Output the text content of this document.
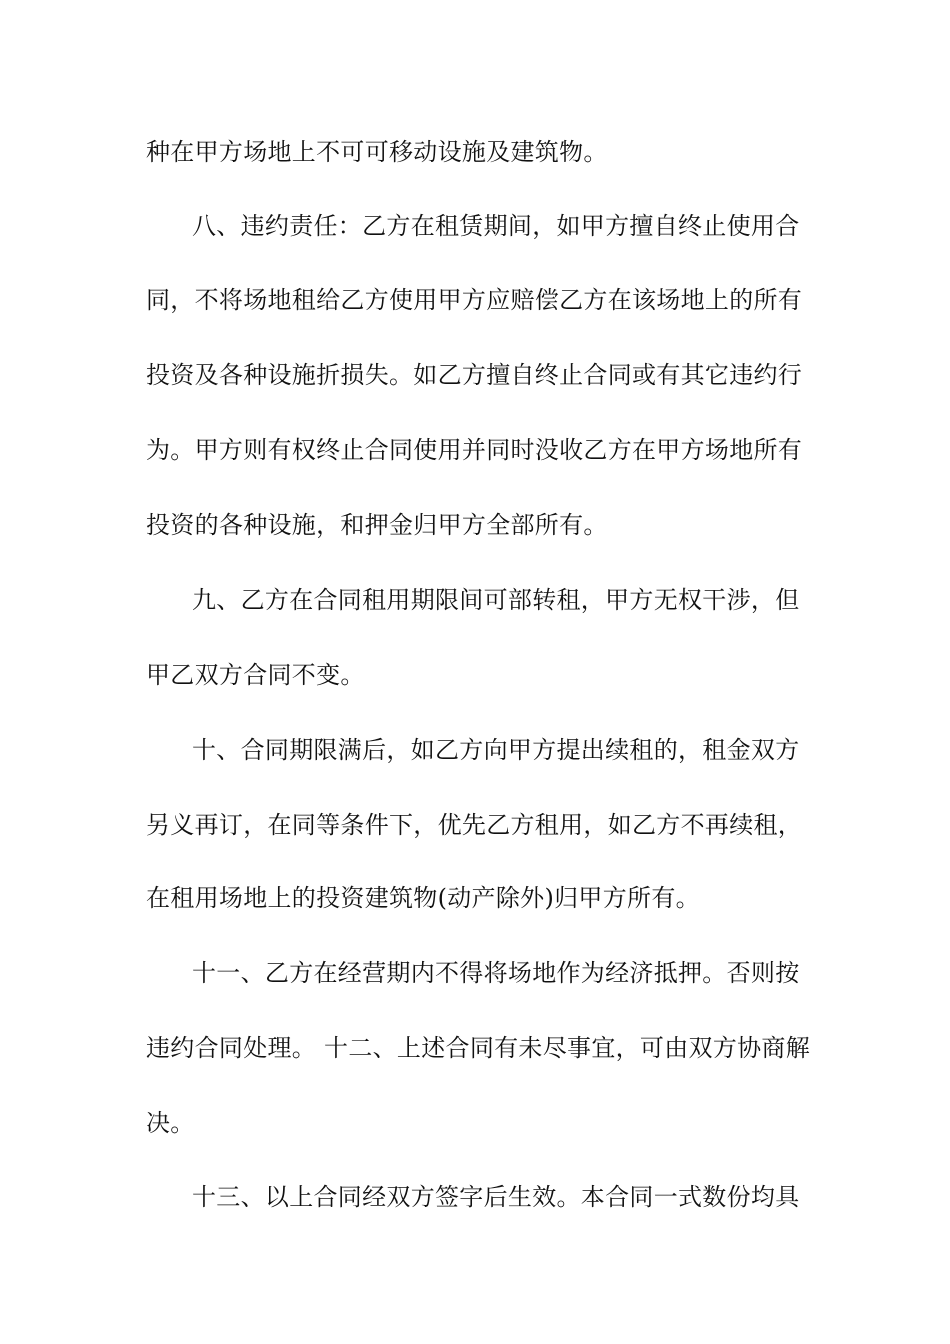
种在甲方场地上不可可移动设施及建筑物。
八、违约责任：乙方在租赁期间，如甲方擅自终止使用合
同，不将场地租给乙方使用甲方应赔偿乙方在该场地上的所有
投资及各种设施折损失。如乙方擅自终止合同或有其它违约行
为。甲方则有权终止合同使用并同时没收乙方在甲方场地所有
投资的各种设施，和押金归甲方全部所有。
九、乙方在合同租用期限间可部转租，甲方无权干涉，但
甲乙双方合同不变。
十、合同期限满后，如乙方向甲方提出续租的，租金双方
另义再订，在同等条件下，优先乙方租用，如乙方不再续租，
在租用场地上的投资建筑物(动产除外)归甲方所有。
十一、乙方在经营期内不得将场地作为经济抵押。否则按
违约合同处理。 十二、上述合同有未尽事宜，可由双方协商解
决。
十三、以上合同经双方签字后生效。本合同一式数份均具
